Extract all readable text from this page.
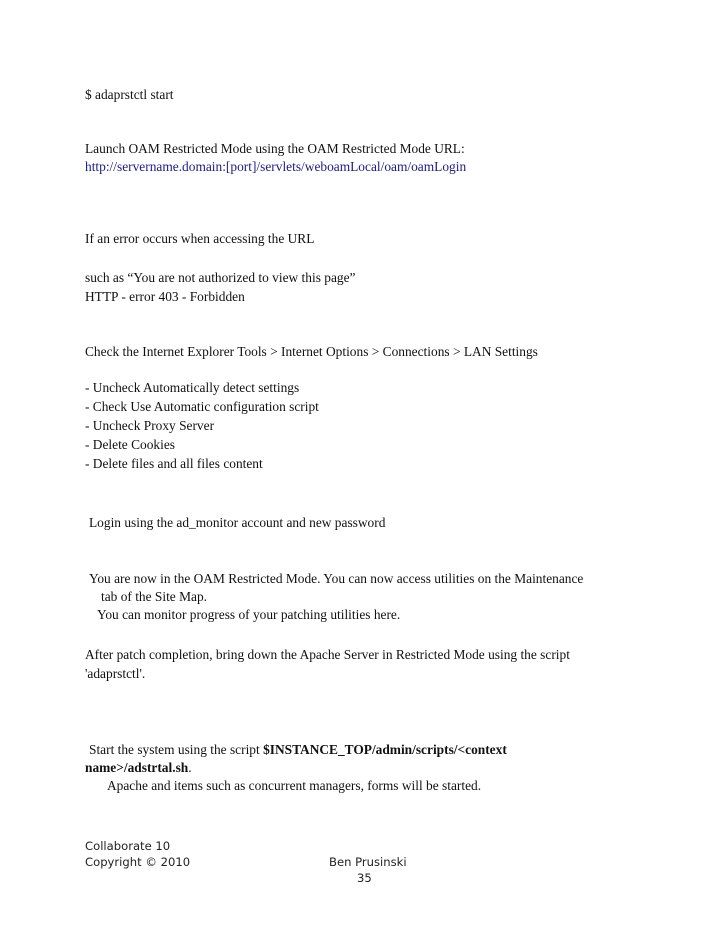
$ adaprstctl start

Launch OAM Restricted Mode using the OAM Restricted Mode URL:

http://servername.domain:[port]/servlets/weboamLocal/oam/oamLogin

If an error occurs when accessing the URL

such as “You are not authorized to view this page”

HTTP - error 403 - Forbidden

Check the Internet Explorer Tools > Internet Options > Connections > LAN Settings

- Uncheck Automatically detect settings

- Check Use Automatic configuration script

- Uncheck Proxy Server

- Delete Cookies

- Delete files and all files content

Login using the ad_monitor account and new password

You are now in the OAM Restricted Mode. You can now access utilities on the Maintenance

tab of the Site Map.

You can monitor progress of your patching utilities here.

After patch completion, bring down the Apache Server in Restricted Mode using the script

'adaprstctl'.

Start the system using the script $INSTANCE_TOP/admin/scripts/<context

name>/adstrtal.sh.

Apache and items such as concurrent managers, forms will be started.

Collaborate 10

Copyright © 2010	Ben Prusinski

35
